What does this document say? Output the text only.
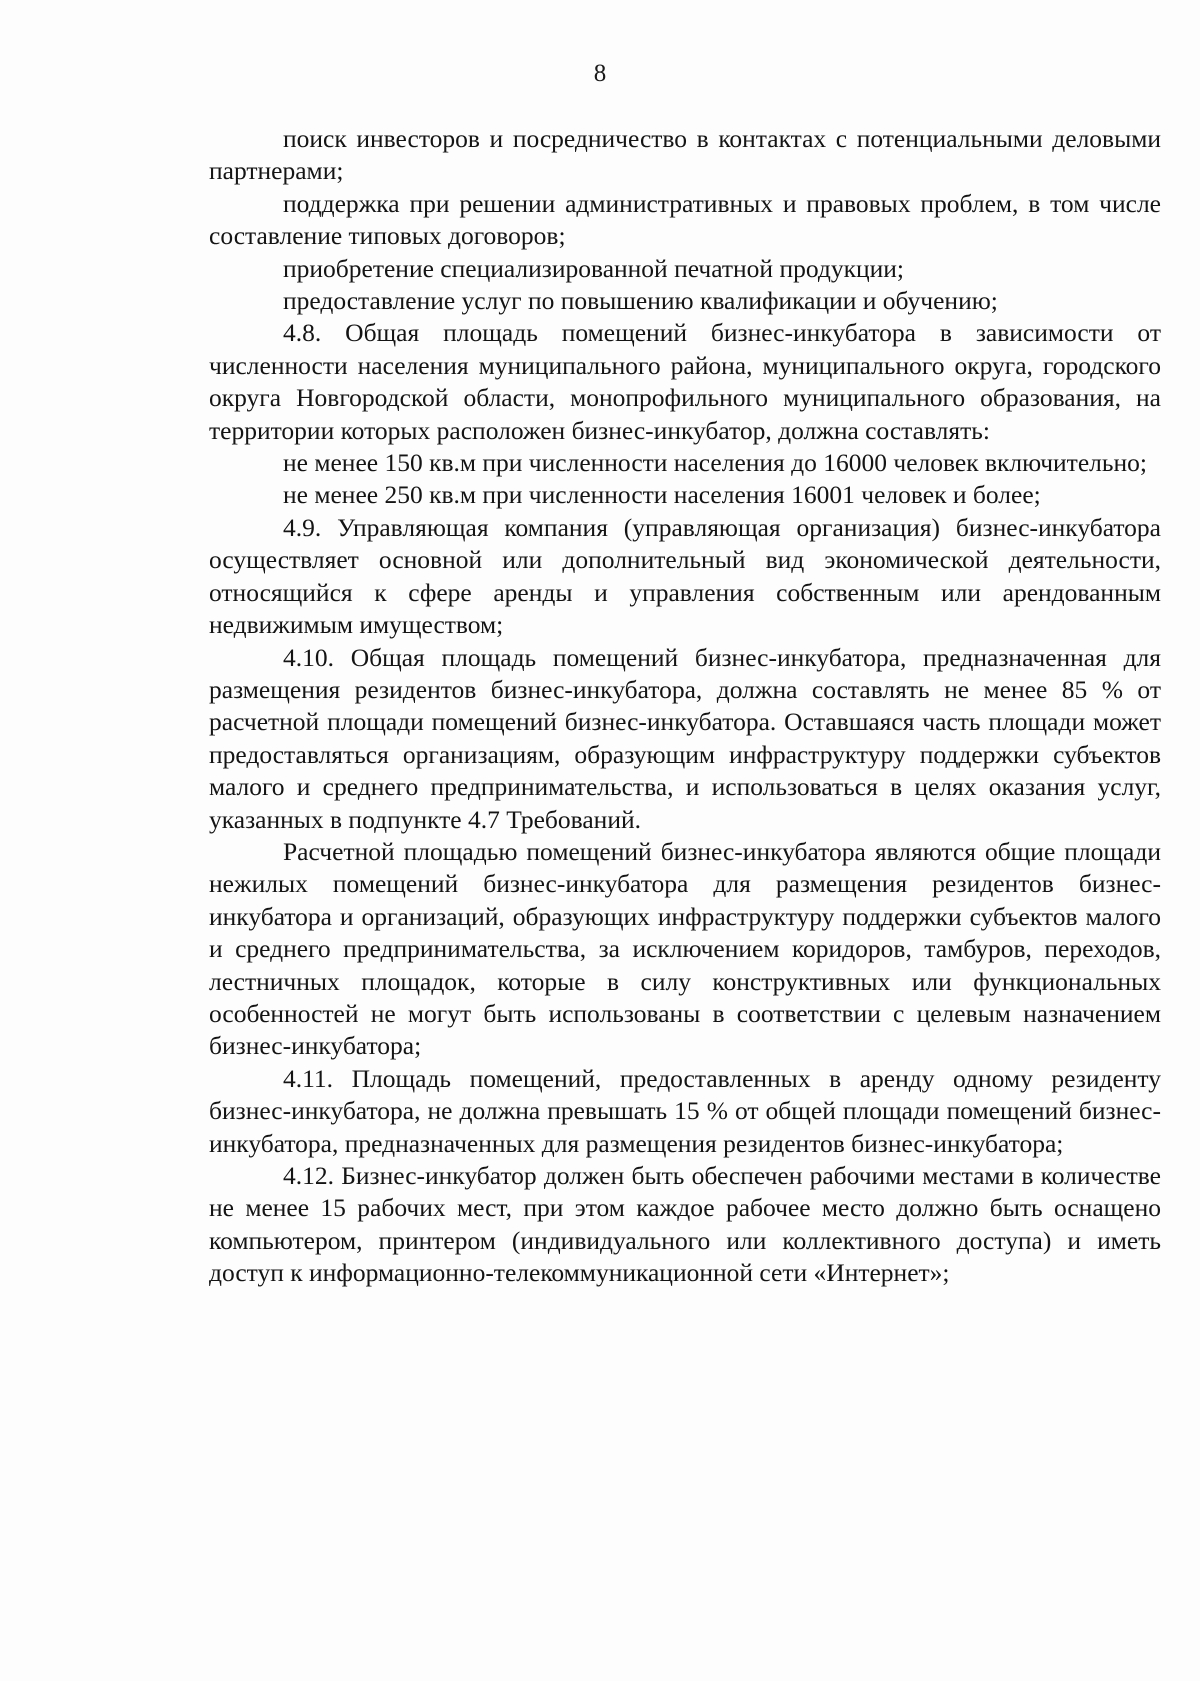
8

поиск инвесторов и посредничество в контактах с потенциальными деловыми партнерами;

поддержка при решении административных и правовых проблем, в том числе составление типовых договоров;

приобретение специализированной печатной продукции;

предоставление услуг по повышению квалификации и обучению;

4.8. Общая площадь помещений бизнес-инкубатора в зависимости от численности населения муниципального района, муниципального округа, городского округа Новгородской области, монопрофильного муниципального образования, на территории которых расположен бизнес-инкубатор, должна составлять:

не менее 150 кв.м при численности населения до 16000 человек включительно;

не менее 250 кв.м при численности населения 16001 человек и более;

4.9. Управляющая компания (управляющая организация) бизнес-инкубатора осуществляет основной или дополнительный вид экономической деятельности, относящийся к сфере аренды и управления собственным или арендованным недвижимым имуществом;

4.10. Общая площадь помещений бизнес-инкубатора, предназначенная для размещения резидентов бизнес-инкубатора, должна составлять не менее 85 % от расчетной площади помещений бизнес-инкубатора. Оставшаяся часть площади может предоставляться организациям, образующим инфраструктуру поддержки субъектов малого и среднего предпринимательства, и использоваться в целях оказания услуг, указанных в подпункте 4.7 Требований.

Расчетной площадью помещений бизнес-инкубатора являются общие площади нежилых помещений бизнес-инкубатора для размещения резидентов бизнес-инкубатора и организаций, образующих инфраструктуру поддержки субъектов малого и среднего предпринимательства, за исключением коридоров, тамбуров, переходов, лестничных площадок, которые в силу конструктивных или функциональных особенностей не могут быть использованы в соответствии с целевым назначением бизнес-инкубатора;

4.11. Площадь помещений, предоставленных в аренду одному резиденту бизнес-инкубатора, не должна превышать 15 % от общей площади помещений бизнес-инкубатора, предназначенных для размещения резидентов бизнес-инкубатора;

4.12. Бизнес-инкубатор должен быть обеспечен рабочими местами в количестве не менее 15 рабочих мест, при этом каждое рабочее место должно быть оснащено компьютером, принтером (индивидуального или коллективного доступа) и иметь доступ к информационно-телекоммуникационной сети «Интернет»;
